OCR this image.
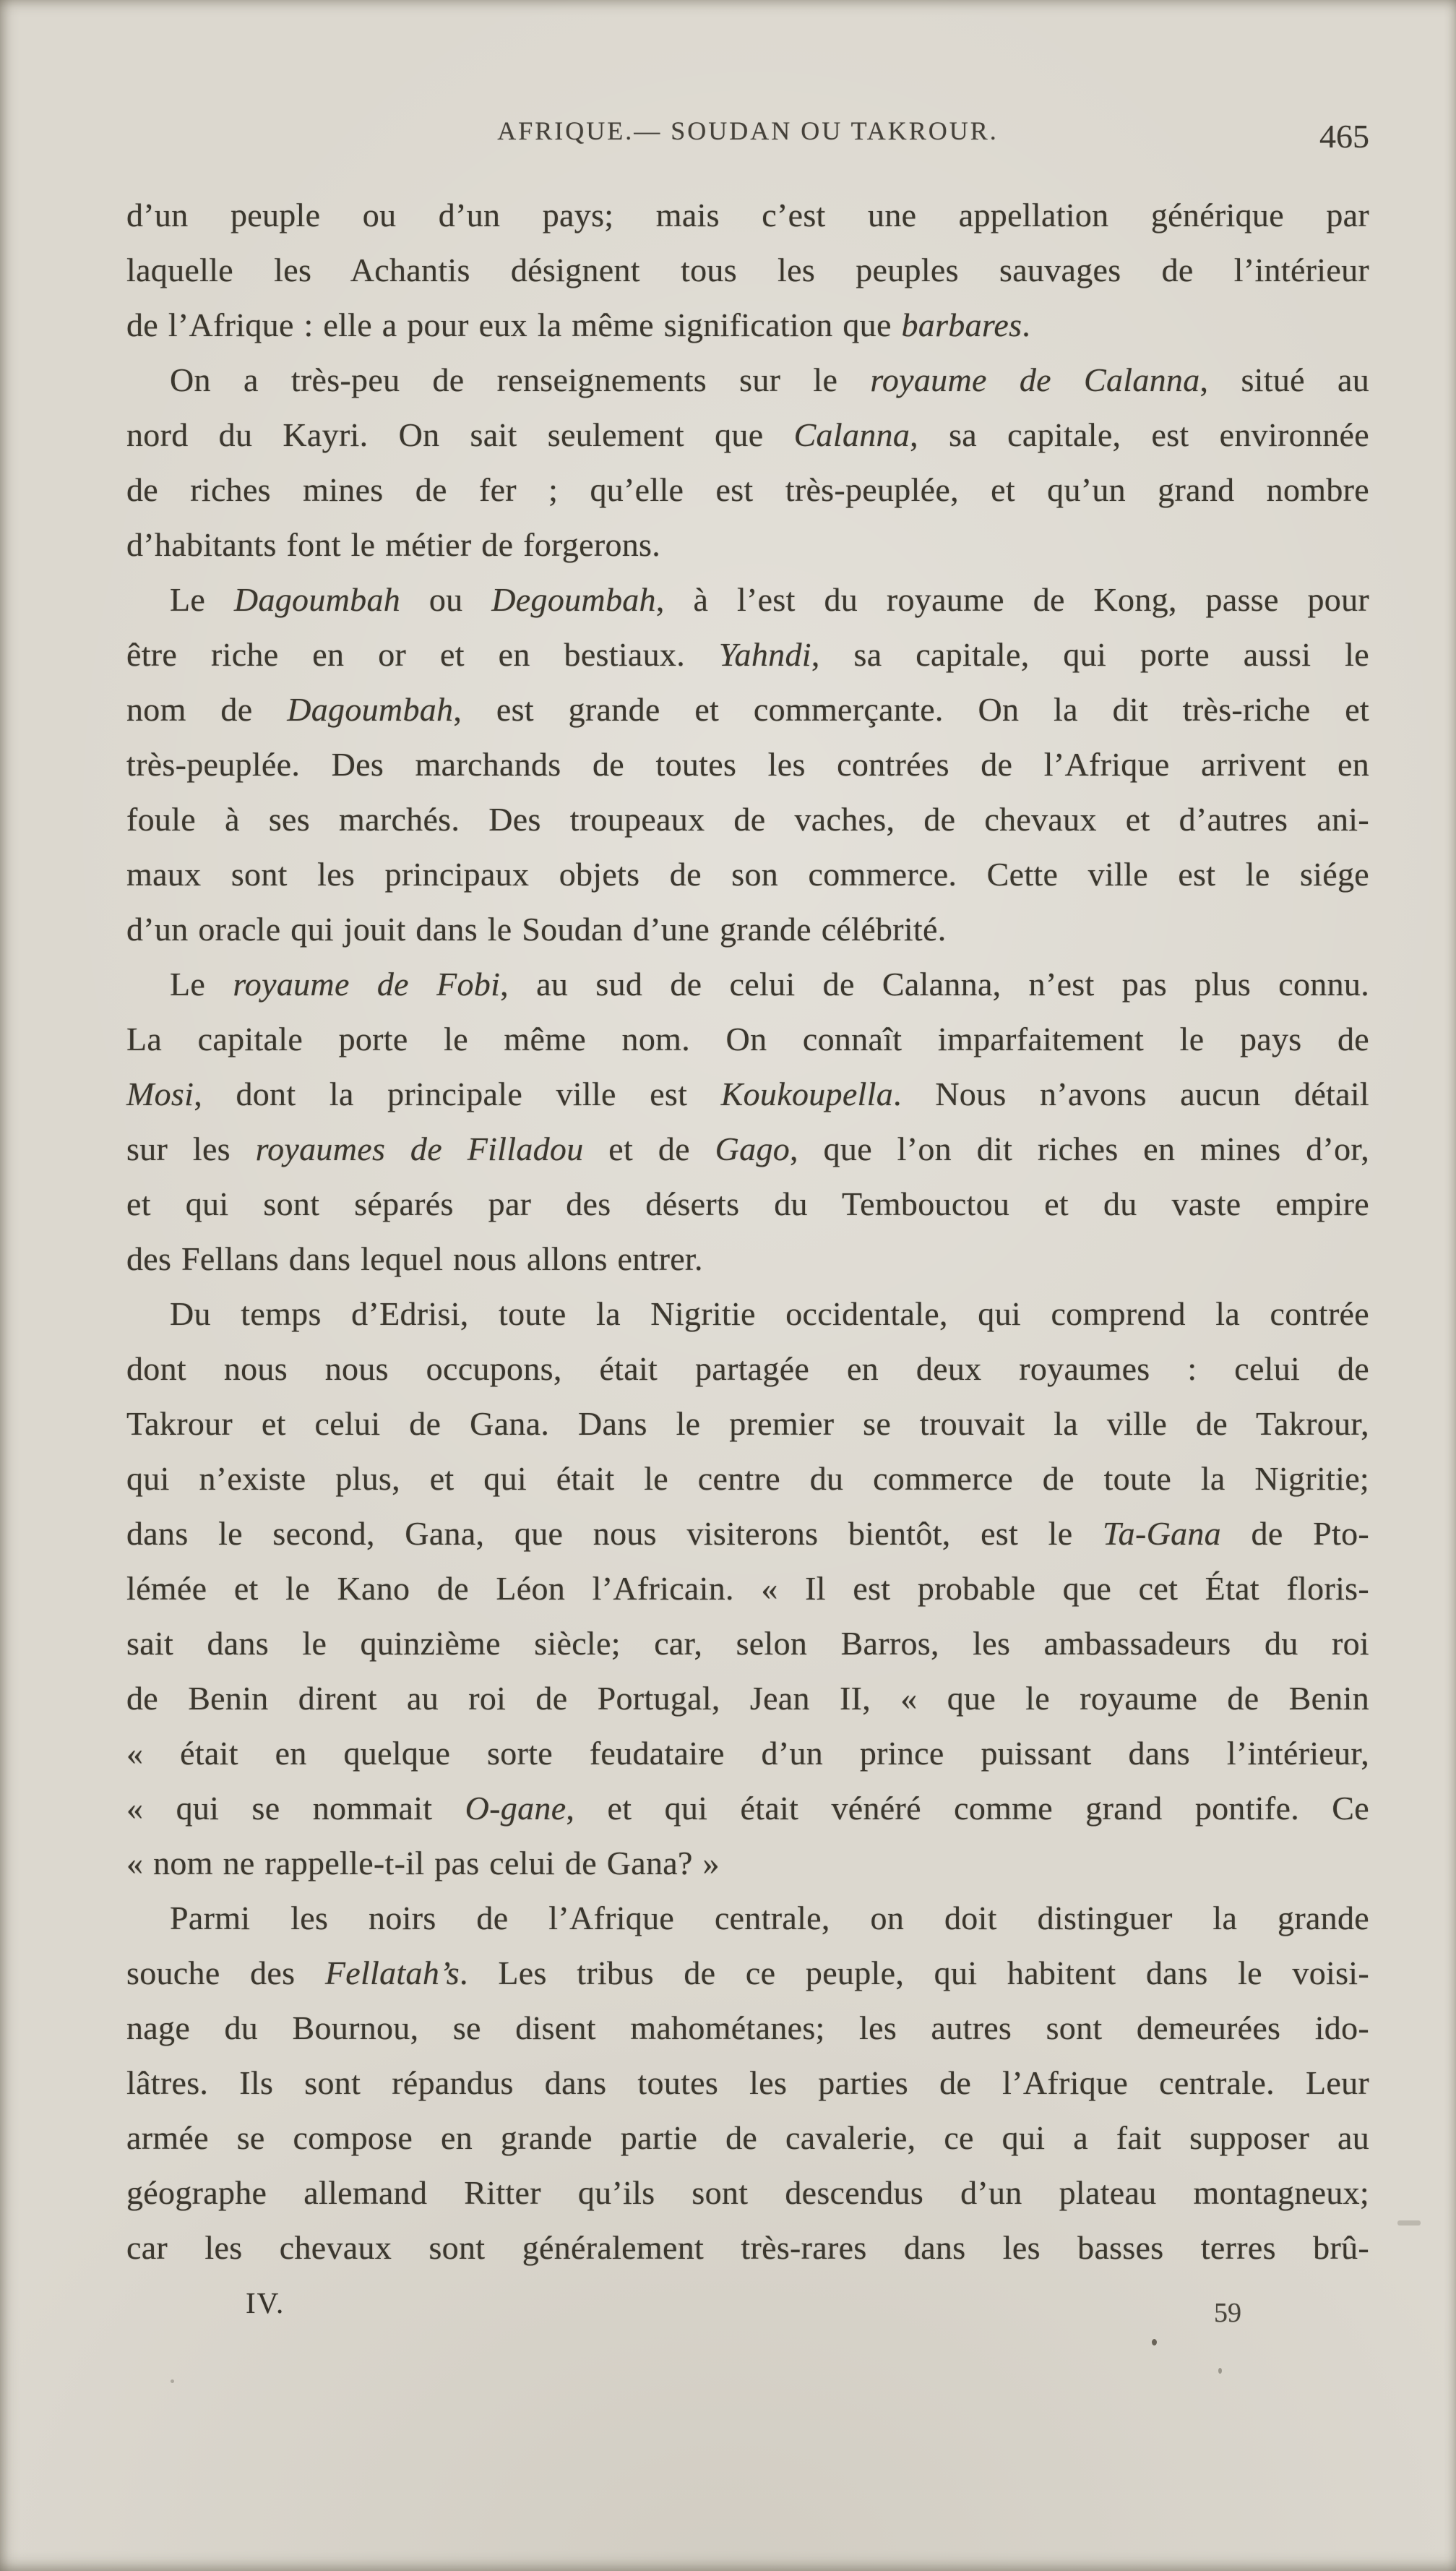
AFRIQUE.— SOUDAN OU TAKROUR.	465
d’un peuple ou d’un pays; mais c’est une appellation générique par
laquelle les Achantis désignent tous les peuples sauvages de l’intérieur
de l’Afrique : elle a pour eux la même signification que barbares.
On a très-peu de renseignements sur le royaume de Calanna, situé au
nord du Kayri. On sait seulement que Calanna, sa capitale, est environnée
de riches mines de fer ; qu’elle est très-peuplée, et qu’un grand nombre
d’habitants font le métier de forgerons.
Le Dagoumbah ou Degoumbah, à l’est du royaume de Kong, passe pour
être riche en or et en bestiaux. Yahndi, sa capitale, qui porte aussi le
nom de Dagoumbah, est grande et commerçante. On la dit très-riche et
très-peuplée. Des marchands de toutes les contrées de l’Afrique arrivent en
foule à ses marchés. Des troupeaux de vaches, de chevaux et d’autres ani-
maux sont les principaux objets de son commerce. Cette ville est le siége
d’un oracle qui jouit dans le Soudan d’une grande célébrité.
Le royaume de Fobi, au sud de celui de Calanna, n’est pas plus connu.
La capitale porte le même nom. On connaît imparfaitement le pays de
Mosi, dont la principale ville est Koukoupella. Nous n’avons aucun détail
sur les royaumes de Filladou et de Gago, que l’on dit riches en mines d’or,
et qui sont séparés par des déserts du Tembouctou et du vaste empire
des Fellans dans lequel nous allons entrer.
Du temps d’Edrisi, toute la Nigritie occidentale, qui comprend la contrée
dont nous nous occupons, était partagée en deux royaumes : celui de
Takrour et celui de Gana. Dans le premier se trouvait la ville de Takrour,
qui n’existe plus, et qui était le centre du commerce de toute la Nigritie;
dans le second, Gana, que nous visiterons bientôt, est le Ta-Gana de Pto-
lémée et le Kano de Léon l’Africain. « Il est probable que cet État floris-
sait dans le quinzième siècle; car, selon Barros, les ambassadeurs du roi
de Benin dirent au roi de Portugal, Jean II, « que le royaume de Benin
« était en quelque sorte feudataire d’un prince puissant dans l’intérieur,
« qui se nommait O-gane, et qui était vénéré comme grand pontife. Ce
« nom ne rappelle-t-il pas celui de Gana? »
Parmi les noirs de l’Afrique centrale, on doit distinguer la grande
souche des Fellatah’s. Les tribus de ce peuple, qui habitent dans le voisi-
nage du Bournou, se disent mahométanes; les autres sont demeurées ido-
lâtres. Ils sont répandus dans toutes les parties de l’Afrique centrale. Leur
armée se compose en grande partie de cavalerie, ce qui a fait supposer au
géographe allemand Ritter qu’ils sont descendus d’un plateau montagneux;
car les chevaux sont généralement très-rares dans les basses terres brû-
IV.	59
